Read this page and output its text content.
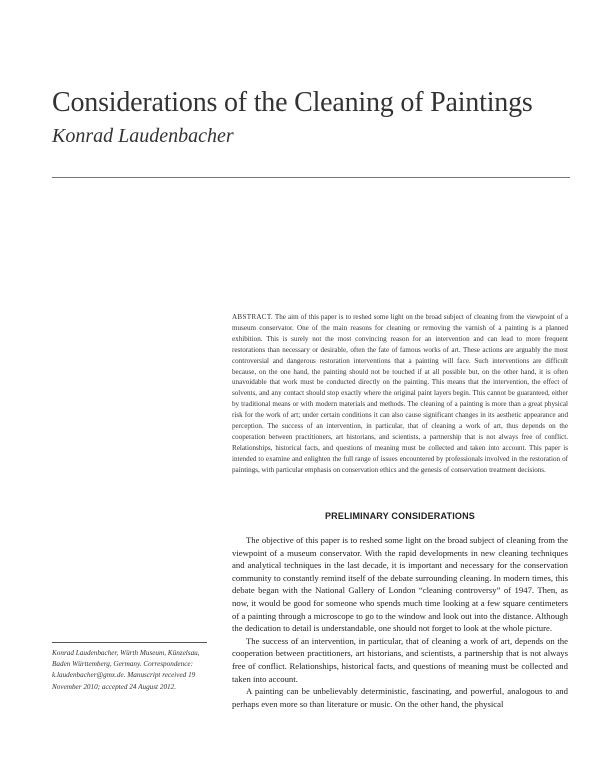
Considerations of the Cleaning of Paintings
Konrad Laudenbacher
ABSTRACT. The aim of this paper is to reshed some light on the broad subject of cleaning from the viewpoint of a museum conservator. One of the main reasons for cleaning or removing the varnish of a painting is a planned exhibition. This is surely not the most convincing reason for an intervention and can lead to more frequent restorations than necessary or desirable, often the fate of famous works of art. These actions are arguably the most controversial and dangerous restoration interventions that a painting will face. Such interventions are difficult because, on the one hand, the painting should not be touched if at all possible but, on the other hand, it is often unavoidable that work must be conducted directly on the painting. This means that the intervention, the effect of solvents, and any contact should stop exactly where the original paint layers begin. This cannot be guaranteed, either by traditional means or with modern materials and methods. The cleaning of a painting is more than a great physical risk for the work of art; under certain conditions it can also cause significant changes in its aesthetic appearance and perception. The success of an intervention, in particular, that of cleaning a work of art, thus depends on the cooperation between practitioners, art historians, and scientists, a partnership that is not always free of conflict. Relationships, historical facts, and questions of meaning must be collected and taken into account. This paper is intended to examine and enlighten the full range of issues encountered by professionals involved in the restoration of paintings, with particular emphasis on conservation ethics and the genesis of conservation treatment decisions.
PRELIMINARY CONSIDERATIONS

The objective of this paper is to reshed some light on the broad subject of cleaning from the viewpoint of a museum conservator. With the rapid developments in new cleaning techniques and analytical techniques in the last decade, it is important and necessary for the conservation community to constantly remind itself of the debate surrounding cleaning. In modern times, this debate began with the National Gallery of London “cleaning controversy” of 1947. Then, as now, it would be good for someone who spends much time looking at a few square centimeters of a painting through a microscope to go to the window and look out into the distance. Although the dedication to detail is understandable, one should not forget to look at the whole picture.

The success of an intervention, in particular, that of cleaning a work of art, depends on the cooperation between practitioners, art historians, and scientists, a partnership that is not always free of conflict. Relationships, historical facts, and questions of meaning must be collected and taken into account.

A painting can be unbelievably deterministic, fascinating, and powerful, analogous to and perhaps even more so than literature or music. On the other hand, the physical

Konrad Laudenbacher, Würth Museum, Künzelsau, Baden Württemberg, Germany. Correspondence: k.laudenbacher@gmx.de. Manuscript received 19 November 2010; accepted 24 August 2012.
